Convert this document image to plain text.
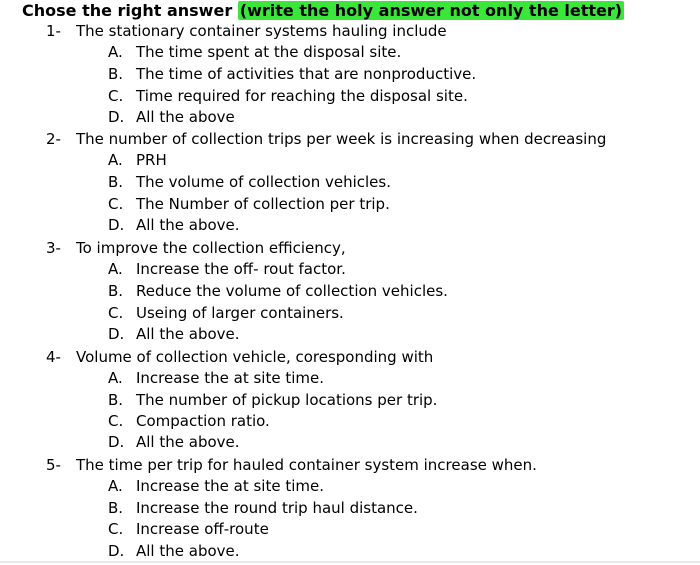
Chose the right answer (write the holy answer not only the letter)
1- The stationary container systems hauling include
A. The time spent at the disposal site.
B. The time of activities that are nonproductive.
C. Time required for reaching the disposal site.
D. All the above
2- The number of collection trips per week is increasing when decreasing
A. PRH
B. The volume of collection vehicles.
C. The Number of collection per trip.
D. All the above.
3- To improve the collection efficiency,
A. Increase the off- rout factor.
B. Reduce the volume of collection vehicles.
C. Useing of larger containers.
D. All the above.
4- Volume of collection vehicle, coresponding with
A. Increase the at site time.
B. The number of pickup locations per trip.
C. Compaction ratio.
D. All the above.
5- The time per trip for hauled container system increase when.
A. Increase the at site time.
B. Increase the round trip haul distance.
C. Increase off-route
D. All the above.
